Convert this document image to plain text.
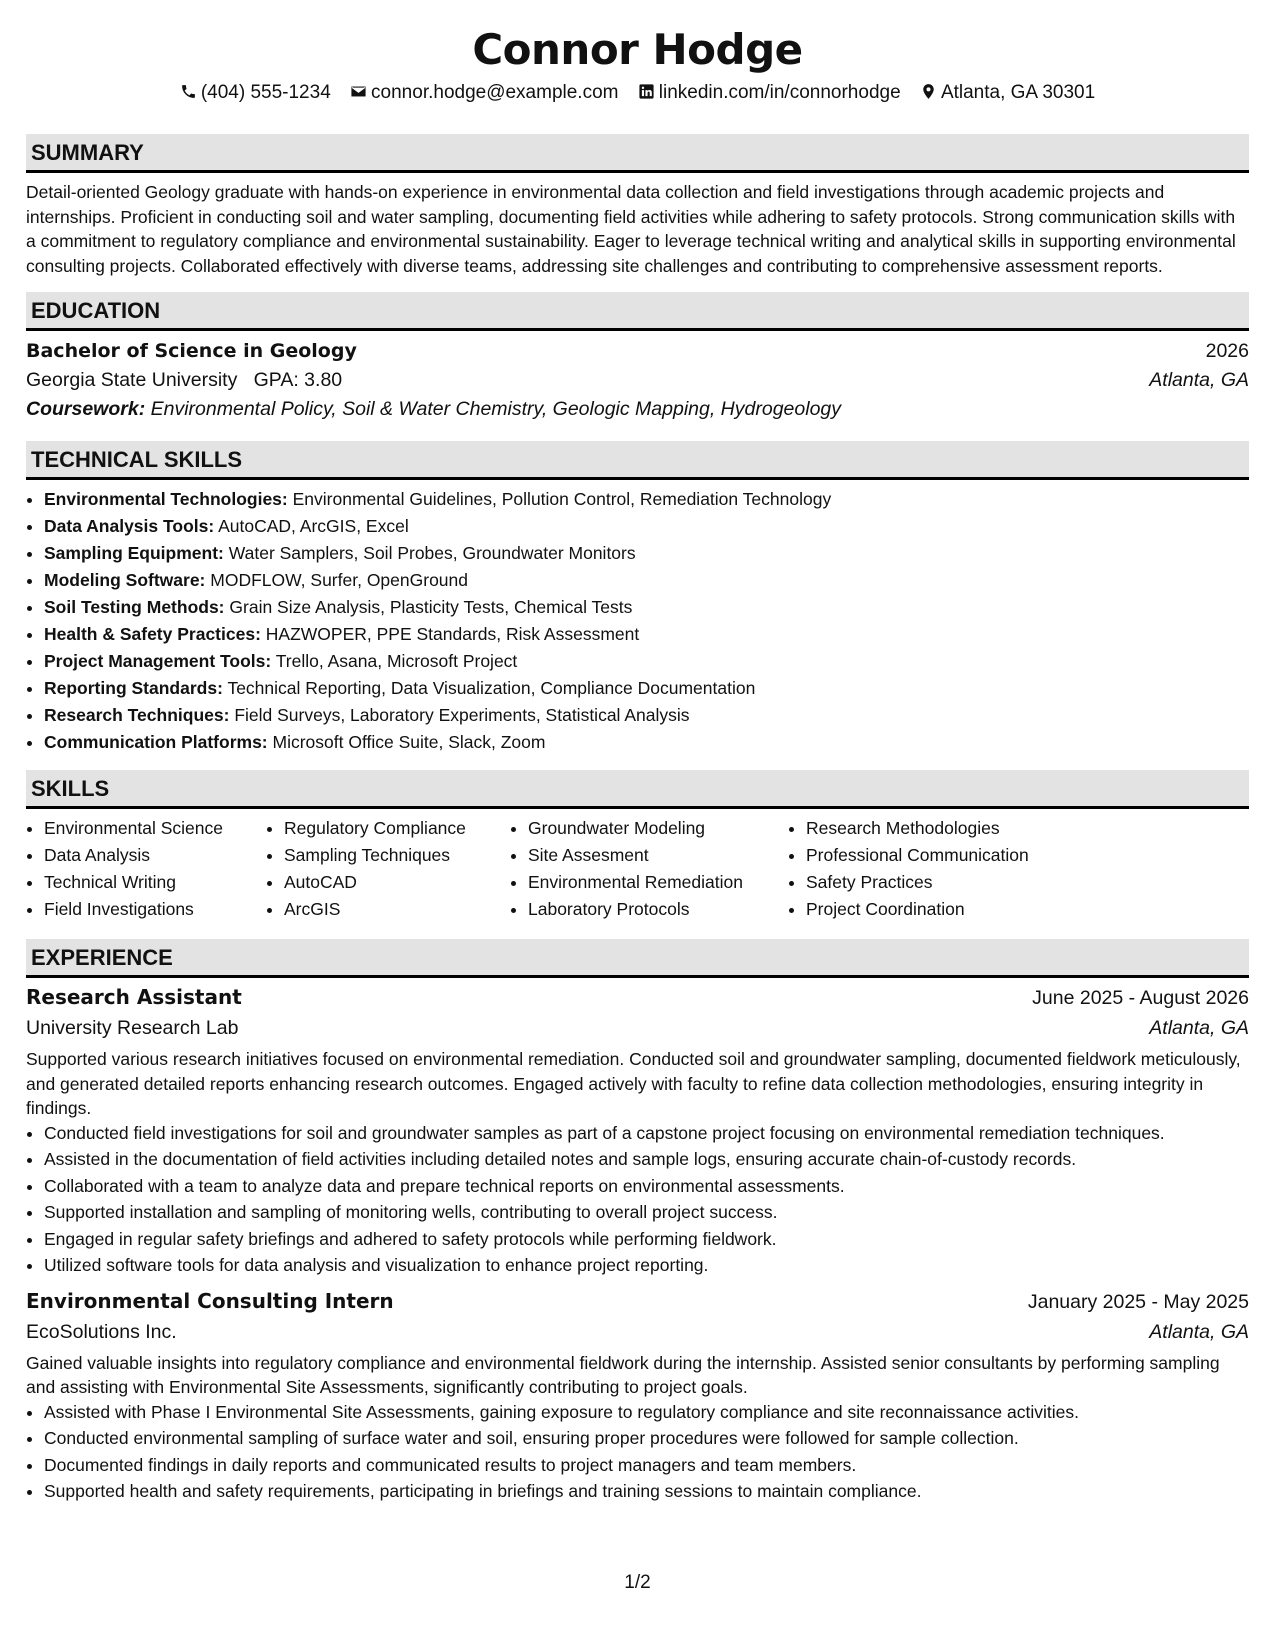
Connor Hodge
(404) 555-1234 connor.hodge@example.com linkedin.com/in/connorhodge Atlanta, GA 30301
SUMMARY
Detail-oriented Geology graduate with hands-on experience in environmental data collection and field investigations through academic projects and internships. Proficient in conducting soil and water sampling, documenting field activities while adhering to safety protocols. Strong communication skills with a commitment to regulatory compliance and environmental sustainability. Eager to leverage technical writing and analytical skills in supporting environmental consulting projects. Collaborated effectively with diverse teams, addressing site challenges and contributing to comprehensive assessment reports.
EDUCATION
Bachelor of Science in Geology	2026
Georgia State University GPA: 3.80	Atlanta, GA
Coursework: Environmental Policy, Soil & Water Chemistry, Geologic Mapping, Hydrogeology
TECHNICAL SKILLS
• Environmental Technologies: Environmental Guidelines, Pollution Control, Remediation Technology
• Data Analysis Tools: AutoCAD, ArcGIS, Excel
• Sampling Equipment: Water Samplers, Soil Probes, Groundwater Monitors
• Modeling Software: MODFLOW, Surfer, OpenGround
• Soil Testing Methods: Grain Size Analysis, Plasticity Tests, Chemical Tests
• Health & Safety Practices: HAZWOPER, PPE Standards, Risk Assessment
• Project Management Tools: Trello, Asana, Microsoft Project
• Reporting Standards: Technical Reporting, Data Visualization, Compliance Documentation
• Research Techniques: Field Surveys, Laboratory Experiments, Statistical Analysis
• Communication Platforms: Microsoft Office Suite, Slack, Zoom
SKILLS
• Environmental Science
• Data Analysis
• Technical Writing
• Field Investigations
• Regulatory Compliance
• Sampling Techniques
• AutoCAD
• ArcGIS
• Groundwater Modeling
• Site Assesment
• Environmental Remediation
• Laboratory Protocols
• Research Methodologies
• Professional Communication
• Safety Practices
• Project Coordination
EXPERIENCE
Research Assistant	June 2025 - August 2026
University Research Lab	Atlanta, GA
Supported various research initiatives focused on environmental remediation. Conducted soil and groundwater sampling, documented fieldwork meticulously, and generated detailed reports enhancing research outcomes. Engaged actively with faculty to refine data collection methodologies, ensuring integrity in findings.
• Conducted field investigations for soil and groundwater samples as part of a capstone project focusing on environmental remediation techniques.
• Assisted in the documentation of field activities including detailed notes and sample logs, ensuring accurate chain-of-custody records.
• Collaborated with a team to analyze data and prepare technical reports on environmental assessments.
• Supported installation and sampling of monitoring wells, contributing to overall project success.
• Engaged in regular safety briefings and adhered to safety protocols while performing fieldwork.
• Utilized software tools for data analysis and visualization to enhance project reporting.
Environmental Consulting Intern	January 2025 - May 2025
EcoSolutions Inc.	Atlanta, GA
Gained valuable insights into regulatory compliance and environmental fieldwork during the internship. Assisted senior consultants by performing sampling and assisting with Environmental Site Assessments, significantly contributing to project goals.
• Assisted with Phase I Environmental Site Assessments, gaining exposure to regulatory compliance and site reconnaissance activities.
• Conducted environmental sampling of surface water and soil, ensuring proper procedures were followed for sample collection.
• Documented findings in daily reports and communicated results to project managers and team members.
• Supported health and safety requirements, participating in briefings and training sessions to maintain compliance.
1/2
